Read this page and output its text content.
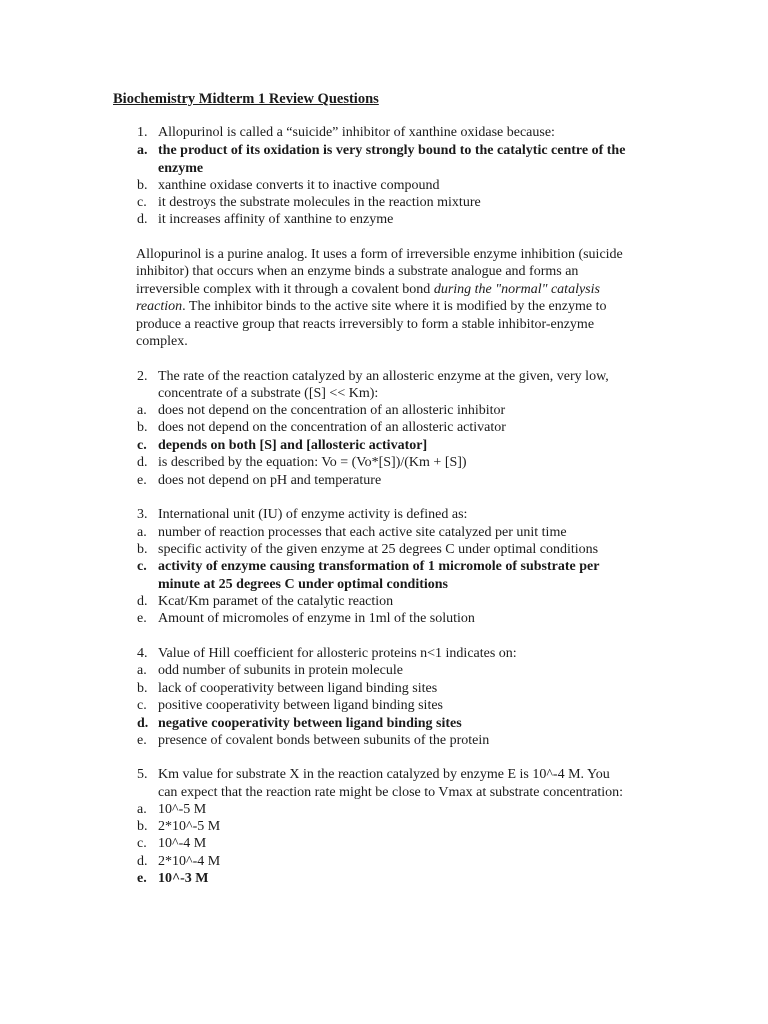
Biochemistry Midterm 1 Review Questions
1. Allopurinol is called a “suicide” inhibitor of xanthine oxidase because:
a. the product of its oxidation is very strongly bound to the catalytic centre of the
enzyme
b. xanthine oxidase converts it to inactive compound
c. it destroys the substrate molecules in the reaction mixture
d. it increases affinity of xanthine to enzyme
Allopurinol is a purine analog. It uses a form of irreversible enzyme inhibition (suicide
inhibitor) that occurs when an enzyme binds a substrate analogue and forms an
irreversible complex with it through a covalent bond during the "normal" catalysis
reaction. The inhibitor binds to the active site where it is modified by the enzyme to
produce a reactive group that reacts irreversibly to form a stable inhibitor-enzyme
complex.
2. The rate of the reaction catalyzed by an allosteric enzyme at the given, very low,
concentrate of a substrate ([S] << Km):
a. does not depend on the concentration of an allosteric inhibitor
b. does not depend on the concentration of an allosteric activator
c. depends on both [S] and [allosteric activator]
d. is described by the equation: Vo = (Vo*[S])/(Km + [S])
e. does not depend on pH and temperature
3. International unit (IU) of enzyme activity is defined as:
a. number of reaction processes that each active site catalyzed per unit time
b. specific activity of the given enzyme at 25 degrees C under optimal conditions
c. activity of enzyme causing transformation of 1 micromole of substrate per
minute at 25 degrees C under optimal conditions
d. Kcat/Km paramet of the catalytic reaction
e. Amount of micromoles of enzyme in 1ml of the solution
4. Value of Hill coefficient for allosteric proteins n<1 indicates on:
a. odd number of subunits in protein molecule
b. lack of cooperativity between ligand binding sites
c. positive cooperativity between ligand binding sites
d. negative cooperativity between ligand binding sites
e. presence of covalent bonds between subunits of the protein
5. Km value for substrate X in the reaction catalyzed by enzyme E is 10^-4 M. You
can expect that the reaction rate might be close to Vmax at substrate concentration:
a. 10^-5 M
b. 2*10^-5 M
c. 10^-4 M
d. 2*10^-4 M
e. 10^-3 M
